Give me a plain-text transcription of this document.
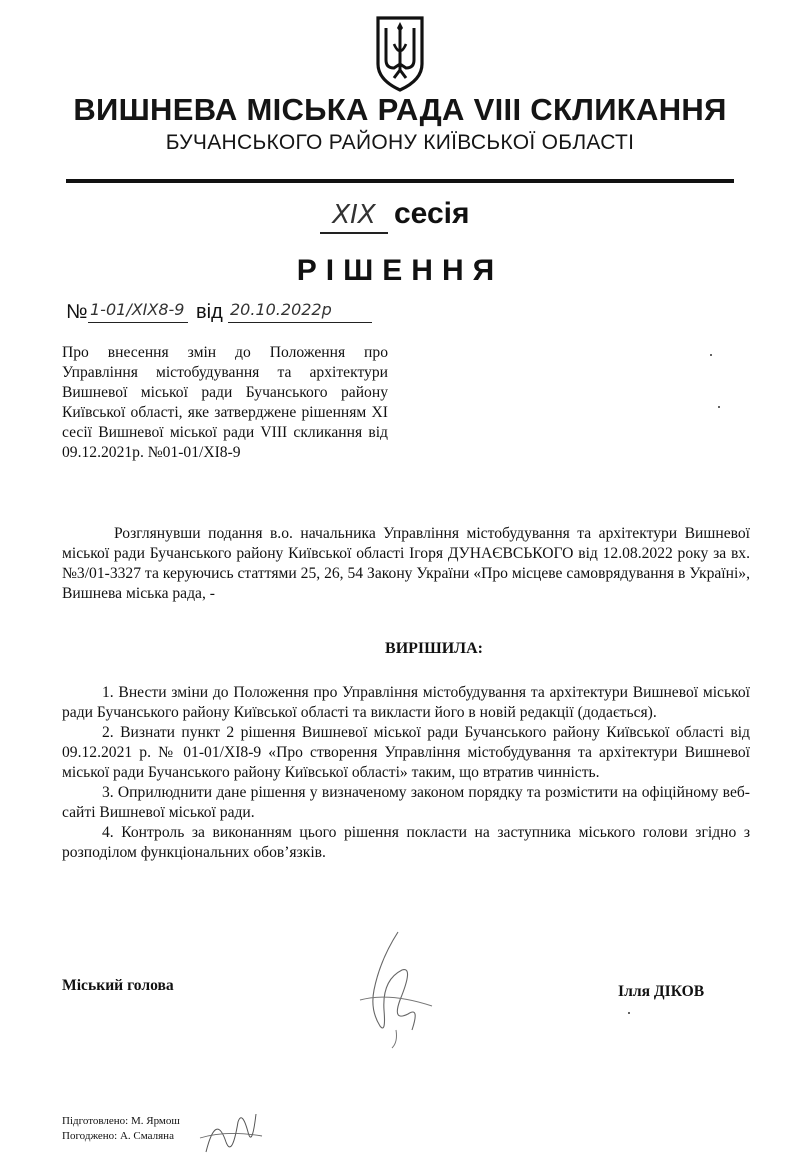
ВИШНЕВА МІСЬКА РАДА VIII СКЛИКАННЯ
БУЧАНСЬКОГО РАЙОНУ КИЇВСЬКОЇ ОБЛАСТІ
XIX сесія
РІШЕННЯ
№ 1-01/XIX8-9 від 20.10.2022р
Про внесення змін до Положення про Управління містобудування та архітектури Вишневої міської ради Бучанського району Київської області, яке затверджене рішенням XI сесії Вишневої міської ради VIII скликання від 09.12.2021р. №01-01/XI8-9
Розглянувши подання в.о. начальника Управління містобудування та архітектури Вишневої міської ради Бучанського району Київської області Ігоря ДУНАЄВСЬКОГО від 12.08.2022 року за вх. №3/01-3327 та керуючись статтями 25, 26, 54 Закону України «Про місцеве самоврядування в Україні», Вишнева міська рада, -
ВИРІШИЛА:

1. Внести зміни до Положення про Управління містобудування та архітектури Вишневої міської ради Бучанського району Київської області та викласти його в новій редакції (додається).

2. Визнати пункт 2 рішення Вишневої міської ради Бучанського району Київської області від 09.12.2021 р. № 01-01/XI8-9 «Про створення Управління містобудування та архітектури Вишневої міської ради Бучанського району Київської області» таким, що втратив чинність.

3. Оприлюднити дане рішення у визначеному законом порядку та розмістити на офіційному веб-сайті Вишневої міської ради.

4. Контроль за виконанням цього рішення покласти на заступника міського голови згідно з розподілом функціональних обов’язків.

Міський голова	Ілля ДІКОВ
Підготовлено: М. Ярмош
Погоджено: А. Смаляна
